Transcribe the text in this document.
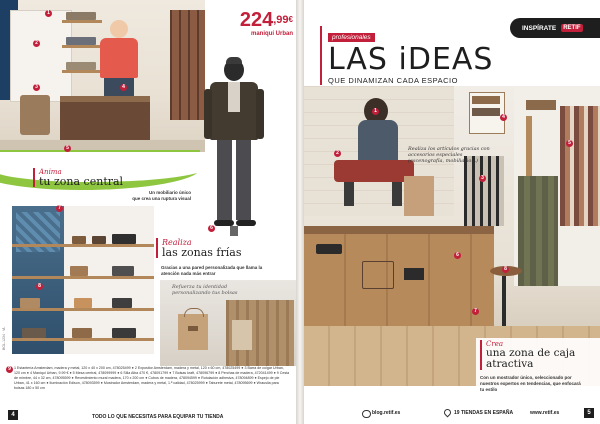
1
2
3	4
5
6
$224^{,99€}$
maniquí Urban
Anima
tu zona central
Un mobiliario único
que crea una ruptura visual
7
8
BOL-1234 · VL
Realiza
las zonas frías
Gracias a una pared personalizada que llama la
atención nada más entrar
Refuerza tu identidad
personalizando tus bolsas
1 Estantería Amsterdam, madera y metal, 120 x 40 x 200 cm, 478025499 ● 2 Expositor Amsterdam, madera y metal, 120 x 60 cm, 478025499 ● 3 Barra de colgar Urban, 120 cm ● 4 Maniquí Urban, 9.99 € ● 5 Mesa central, 478099999 ● 6 Silla Alba 470 €, 478091799 ● 7 Bolsas kraft, 478096799 ● 8 Perchas de madera, 472041499 ● 9 Cesta de mimbre, 44 x 32 cm, 478095599 ● Revestimiento mural madera, 170 x 200 cm ● Cubos de madera, 478094599 ● Rotulación adhesiva, 478094899 ● Espejo de pie Urban, 41 x 160 cm ● Iluminación Edison, 478093599 ● Mostrador Amsterdam, madera y metal, 1.ª calidad, 478025999 ● Taburete metal, 478095699 ● Wrauslia para bolsas 180 x 50 cm
9
4	TODO LO QUE NECESITAS PARA EQUIPAR TU TIENDA
INSPÍRATE	RETIF
profesionales
LAS iDEAS
QUE DINAMIZAN CADA ESPACIO
Realiza los artículos gracias con
accesorios especiales
(escenografía, mobiliario...)
1
2
3
4
5
6
7
8
Crea
una zona de caja atractiva
Con un mostrador único, seleccionado por
nuestros expertos en tendencias, que enfocará
tu estilo
blog.retif.es	19 TIENDAS EN ESPAÑA	www.retif.es	5
